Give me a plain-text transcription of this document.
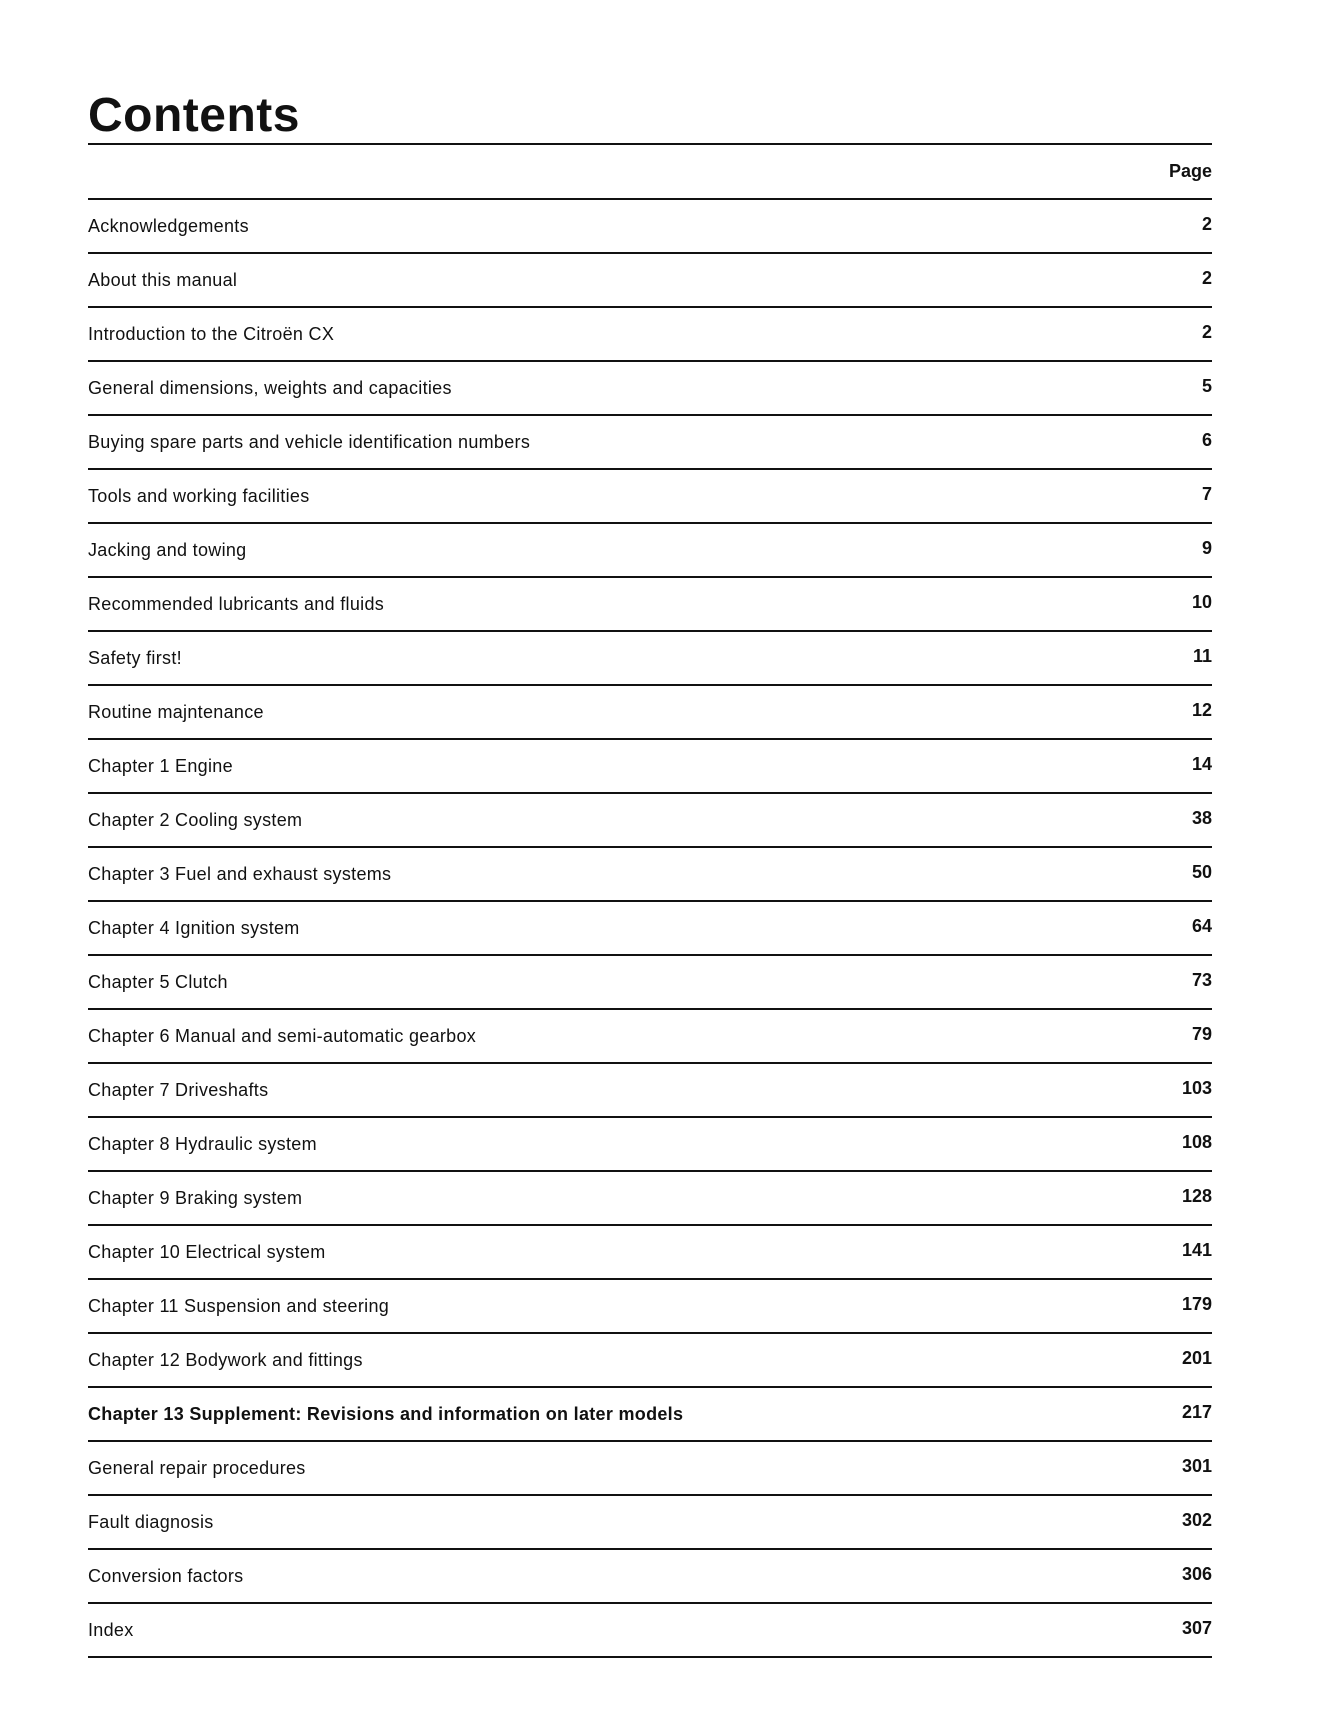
Contents
Page
Acknowledgements	2
About this manual	2
Introduction to the Citroën CX	2
General dimensions, weights and capacities	5
Buying spare parts and vehicle identification numbers	6
Tools and working facilities	7
Jacking and towing	9
Recommended lubricants and fluids	10
Safety first!	11
Routine majntenance	12
Chapter 1 Engine	14
Chapter 2 Cooling system	38
Chapter 3 Fuel and exhaust systems	50
Chapter 4 Ignition system	64
Chapter 5 Clutch	73
Chapter 6 Manual and semi-automatic gearbox	79
Chapter 7 Driveshafts	103
Chapter 8 Hydraulic system	108
Chapter 9 Braking system	128
Chapter 10 Electrical system	141
Chapter 11 Suspension and steering	179
Chapter 12 Bodywork and fittings	201
Chapter 13 Supplement: Revisions and information on later models	217
General repair procedures	301
Fault diagnosis	302
Conversion factors	306
Index	307
